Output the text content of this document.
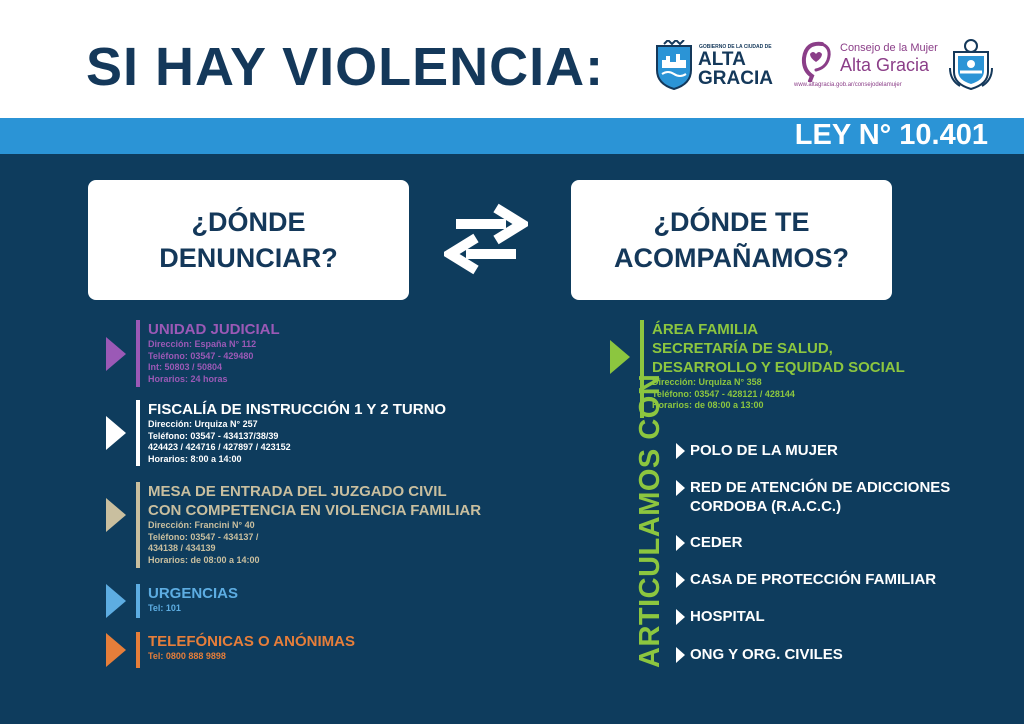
SI HAY VIOLENCIA:	GOBIERNO DE LA CIUDAD DE
ALTA
GRACIA
Consejo de la Mujer
Alta Gracia
www.altagracia.gob.ar/consejodelamujer
LEY N° 10.401
¿DÓNDE
DENUNCIAR?
¿DÓNDE TE
ACOMPAÑAMOS?
UNIDAD JUDICIAL
Dirección: España N° 112
Teléfono: 03547 - 429480
Int: 50803 / 50804
Horarios: 24 horas
FISCALÍA DE INSTRUCCIÓN 1 Y 2 TURNO
Dirección: Urquiza N° 257
Teléfono: 03547 - 434137/38/39
424423 / 424716 / 427897 / 423152
Horarios: 8:00 a 14:00
MESA DE ENTRADA DEL JUZGADO CIVIL
CON COMPETENCIA EN VIOLENCIA FAMILIAR
Dirección: Francini N° 40
Teléfono: 03547 - 434137 /
434138 / 434139
Horarios: de 08:00 a 14:00
URGENCIAS
Tel: 101
TELEFÓNICAS O ANÓNIMAS
Tel: 0800 888 9898
ÁREA FAMILIA
SECRETARÍA DE SALUD,
DESARROLLO Y EQUIDAD SOCIAL
Dirección: Urquiza N° 358
Teléfono: 03547 - 428121 / 428144
Horarios: de 08:00 a 13:00
ARTICULAMOS CON POLO DE LA MUJER
RED DE ATENCIÓN DE ADICCIONES
CORDOBA (R.A.C.C.)
CEDER
CASA DE PROTECCIÓN FAMILIAR
HOSPITAL
ONG Y ORG. CIVILES
